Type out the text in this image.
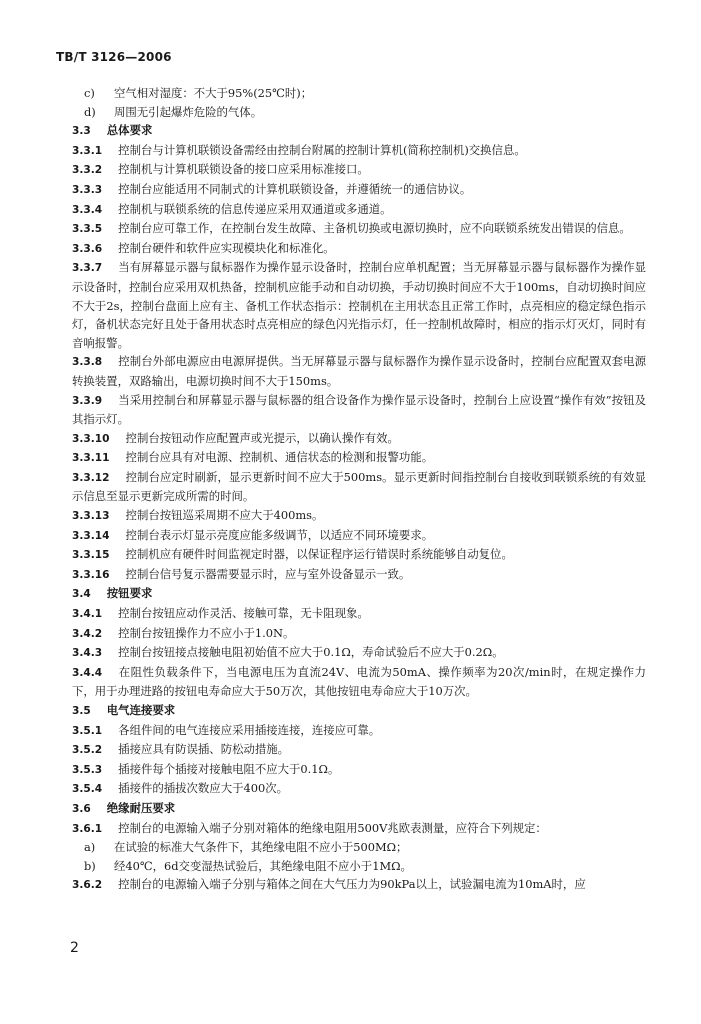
TB/T 3126—2006
c) 空气相对湿度：不大于95%(25℃时)；
d) 周围无引起爆炸危险的气体。
3.3 总体要求
3.3.1 控制台与计算机联锁设备需经由控制台附属的控制计算机(简称控制机)交换信息。
3.3.2 控制机与计算机联锁设备的接口应采用标准接口。
3.3.3 控制台应能适用不同制式的计算机联锁设备，并遵循统一的通信协议。
3.3.4 控制机与联锁系统的信息传递应采用双通道或多通道。
3.3.5 控制台应可靠工作，在控制台发生故障、主备机切换或电源切换时，应不向联锁系统发出错误的信息。
3.3.6 控制台硬件和软件应实现模块化和标准化。
3.3.7 当有屏幕显示器与鼠标器作为操作显示设备时，控制台应单机配置；当无屏幕显示器与鼠标器作为操作显示设备时，控制台应采用双机热备，控制机应能手动和自动切换，手动切换时间应不大于100ms，自动切换时间应不大于2s，控制台盘面上应有主、备机工作状态指示：控制机在主用状态且正常工作时，点亮相应的稳定绿色指示灯，备机状态完好且处于备用状态时点亮相应的绿色闪光指示灯，任一控制机故障时，相应的指示灯灭灯，同时有音响报警。
3.3.8 控制台外部电源应由电源屏提供。当无屏幕显示器与鼠标器作为操作显示设备时，控制台应配置双套电源转换装置，双路输出，电源切换时间不大于150ms。
3.3.9 当采用控制台和屏幕显示器与鼠标器的组合设备作为操作显示设备时，控制台上应设置“操作有效”按钮及其指示灯。
3.3.10 控制台按钮动作应配置声或光提示，以确认操作有效。
3.3.11 控制台应具有对电源、控制机、通信状态的检测和报警功能。
3.3.12 控制台应定时刷新，显示更新时间不应大于500ms。显示更新时间指控制台自接收到联锁系统的有效显示信息至显示更新完成所需的时间。
3.3.13 控制台按钮巡采周期不应大于400ms。
3.3.14 控制台表示灯显示亮度应能多级调节，以适应不同环境要求。
3.3.15 控制机应有硬件时间监视定时器，以保证程序运行错误时系统能够自动复位。
3.3.16 控制台信号复示器需要显示时，应与室外设备显示一致。
3.4 按钮要求
3.4.1 控制台按钮应动作灵活、接触可靠，无卡阻现象。
3.4.2 控制台按钮操作力不应小于1.0N。
3.4.3 控制台按钮接点接触电阻初始值不应大于0.1Ω，寿命试验后不应大于0.2Ω。
3.4.4 在阻性负载条件下，当电源电压为直流24V、电流为50mA、操作频率为20次/min时，在规定操作力下，用于办理进路的按钮电寿命应大于50万次，其他按钮电寿命应大于10万次。
3.5 电气连接要求
3.5.1 各组件间的电气连接应采用插接连接，连接应可靠。
3.5.2 插接应具有防误插、防松动措施。
3.5.3 插接件每个插接对接触电阻不应大于0.1Ω。
3.5.4 插接件的插拔次数应大于400次。
3.6 绝缘耐压要求
3.6.1 控制台的电源输入端子分别对箱体的绝缘电阻用500V兆欧表测量，应符合下列规定：
a) 在试验的标准大气条件下，其绝缘电阻不应小于500MΩ；
b) 经40℃，6d交变湿热试验后，其绝缘电阻不应小于1MΩ。
3.6.2 控制台的电源输入端子分别与箱体之间在大气压力为90kPa以上，试验漏电流为10mA时，应
2
